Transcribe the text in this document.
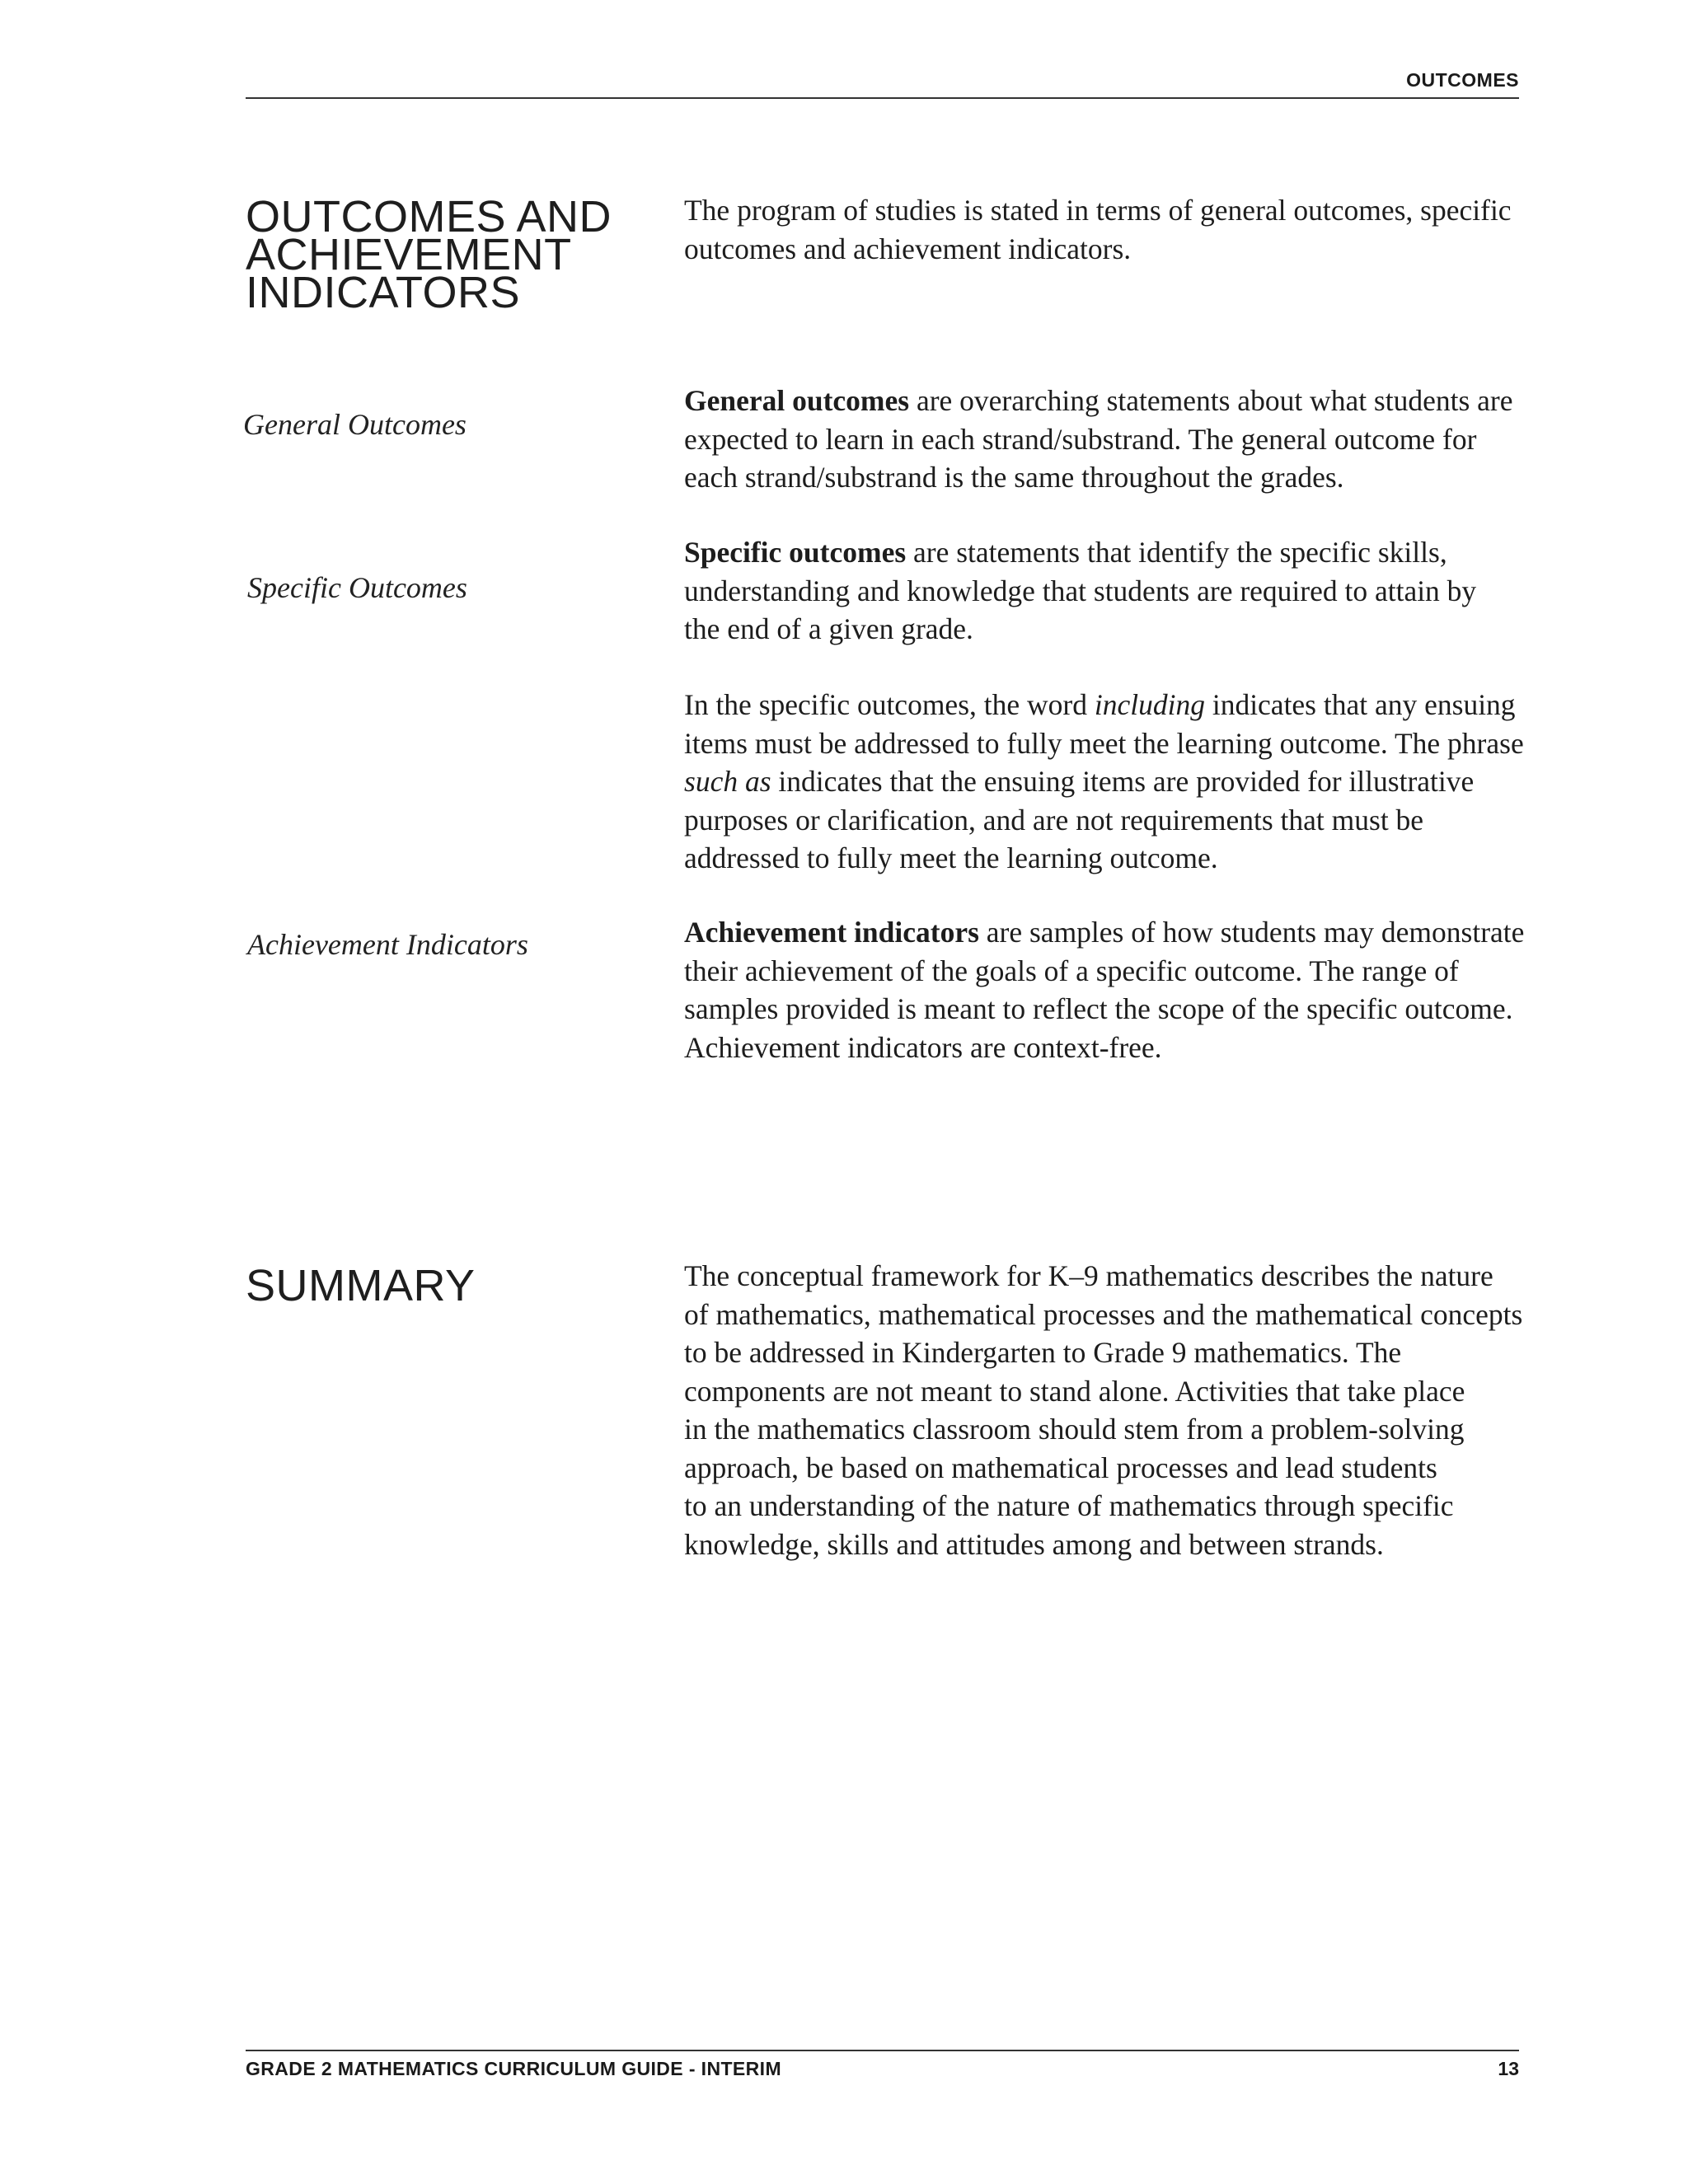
OUTCOMES
OUTCOMES AND
ACHIEVEMENT
INDICATORS

The program of studies is stated in terms of general outcomes, specific
outcomes and achievement indicators.

General Outcomes

General outcomes are overarching statements about what students are
expected to learn in each strand/substrand. The general outcome for
each strand/substrand is the same throughout the grades.

Specific Outcomes

Specific outcomes are statements that identify the specific skills,
understanding and knowledge that students are required to attain by
the end of a given grade.

In the specific outcomes, the word including indicates that any ensuing
items must be addressed to fully meet the learning outcome. The phrase
such as indicates that the ensuing items are provided for illustrative
purposes or clarification, and are not requirements that must be
addressed to fully meet the learning outcome.

Achievement Indicators	Achievement indicators are samples of how students may demonstrate
their achievement of the goals of a specific outcome. The range of
samples provided is meant to reflect the scope of the specific outcome.
Achievement indicators are context-free.

SUMMARY	The conceptual framework for K–9 mathematics describes the nature
of mathematics, mathematical processes and the mathematical concepts
to be addressed in Kindergarten to Grade 9 mathematics. The
components are not meant to stand alone. Activities that take place
in the mathematics classroom should stem from a problem-solving
approach, be based on mathematical processes and lead students
to an understanding of the nature of mathematics through specific
knowledge, skills and attitudes among and between strands.

GRADE 2 MATHEMATICS CURRICULUM GUIDE - INTERIM	13
